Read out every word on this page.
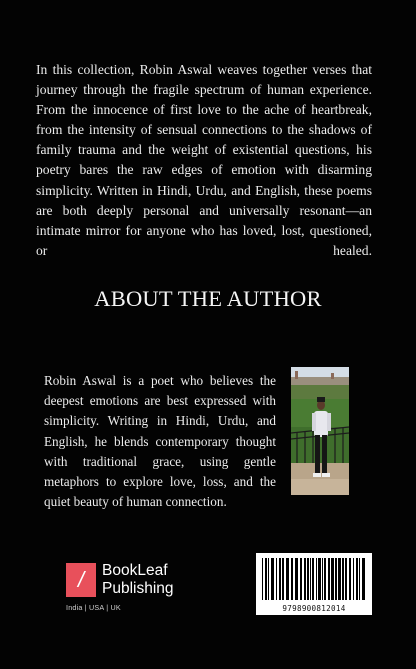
In this collection, Robin Aswal weaves together verses that journey through the fragile spectrum of human experience. From the innocence of first love to the ache of heartbreak, from the intensity of sensual connections to the shadows of family trauma and the weight of existential questions, his poetry bares the raw edges of emotion with disarming simplicity. Written in Hindi, Urdu, and English, these poems are both deeply personal and universally resonant—an intimate mirror for anyone who has loved, lost, questioned, or healed.

ABOUT THE AUTHOR

Robin Aswal is a poet who believes the deepest emotions are best expressed with simplicity. Writing in Hindi, Urdu, and English, he blends contemporary thought with traditional grace, using gentle metaphors to explore love, loss, and the quiet beauty of human connection.

/ BookLeaf
Publishing
India | USA | UK	9798900812014
